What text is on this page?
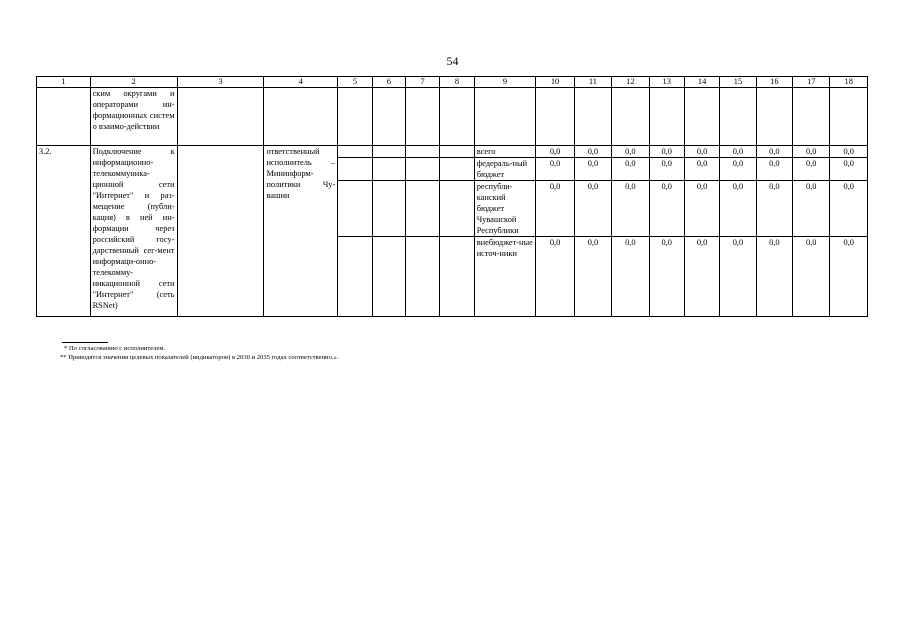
54
1	2	3	4	5	6	7	8	9	10	11	12	13	14	15	16	17	18
	ским округами и операторами ин-формационных систем о взаимо-действии																
3.2.	Подключение к информационно-телекоммуника-ционной сети "Интернет" и раз-мещение (публи-кация) в ней ин-формации через российский госу-дарственный сег-мент информаци-онно-телекомму-никационной сети "Интернет" (сеть RSNet)		ответственный исполнитель – Мининформ-политики Чу-вашии					всего	0,0	0,0	0,0	0,0	0,0	0,0	0,0	0,0	0,0
								федераль-ный бюджет	0,0	0,0	0,0	0,0	0,0	0,0	0,0	0,0	0,0
								республи-канский бюджет Чувашской Республики	0,0	0,0	0,0	0,0	0,0	0,0	0,0	0,0	0,0
								внебюджет-ные источ-ники	0,0	0,0	0,0	0,0	0,0	0,0	0,0	0,0	0,0
* По согласованию с исполнителем.
** Приводятся значения целевых показателей (индикаторов) в 2030 и 2035 годах соответственно.».
